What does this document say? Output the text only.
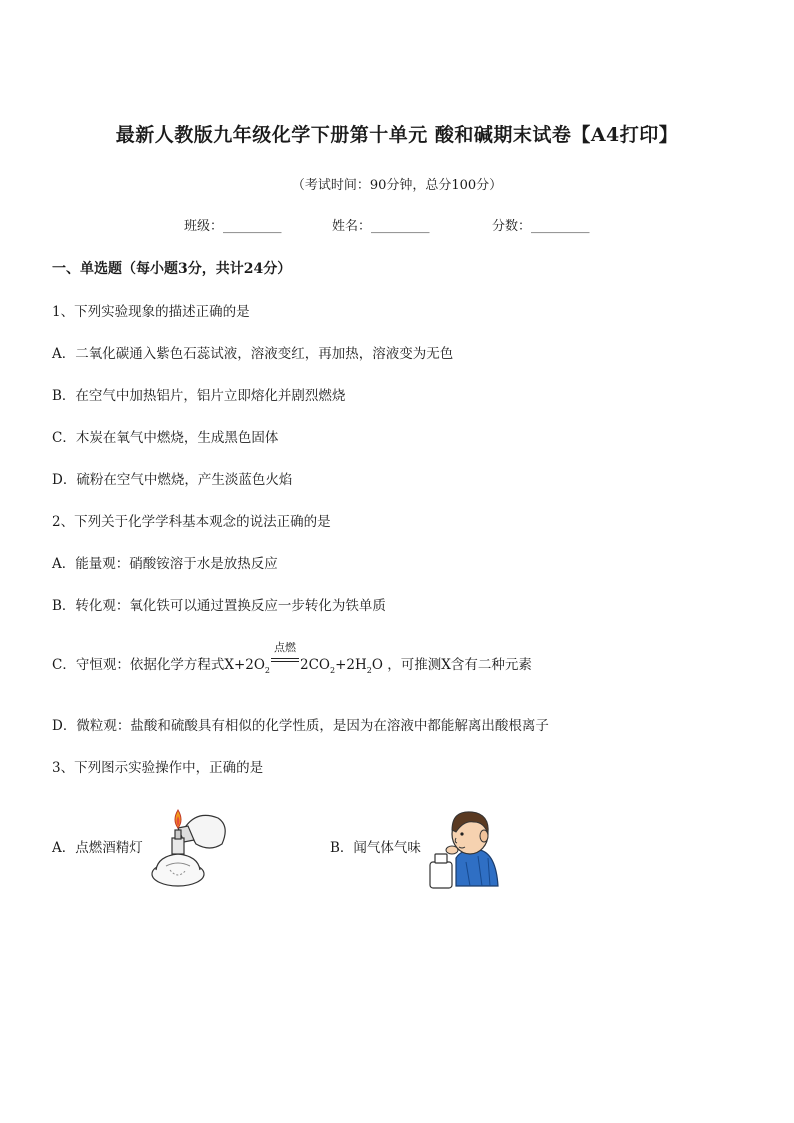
最新人教版九年级化学下册第十单元 酸和碱期末试卷【A4打印】
（考试时间：90分钟，总分100分）
班级：_________	姓名：_________	分数：_________
一、单选题（每小题3分，共计24分）
1、下列实验现象的描述正确的是
A．二氧化碳通入紫色石蕊试液，溶液变红，再加热，溶液变为无色
B．在空气中加热铝片，铝片立即熔化并剧烈燃烧
C．木炭在氧气中燃烧，生成黑色固体
D．硫粉在空气中燃烧，产生淡蓝色火焰
2、下列关于化学学科基本观念的说法正确的是
A．能量观：硝酸铵溶于水是放热反应
B．转化观：氧化铁可以通过置换反应一步转化为铁单质
C．守恒观：依据化学方程式X+2O2
点燃
2CO2+2H2O ，可推测X含有二种元素
D．微粒观：盐酸和硫酸具有相似的化学性质，是因为在溶液中都能解离出酸根离子
3、下列图示实验操作中，正确的是
A．点燃酒精灯	B．闻气体气味
